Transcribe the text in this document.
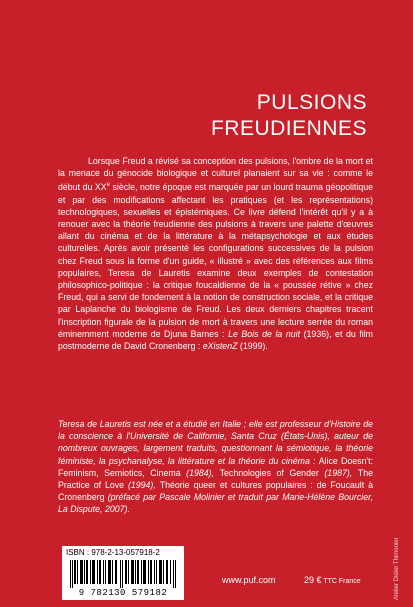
PULSIONS
FREUDIENNES

Lorsque Freud a révisé sa conception des pulsions, l'ombre de la mort et la menace du génocide biologique et culturel planaient sur sa vie : comme le début du XXe siècle, notre époque est marquée par un lourd trauma géopolitique et par des modifications affectant les pratiques (et les représentations) technologiques, sexuelles et épistémiques. Ce livre défend l'intérêt qu'il y a à renouer avec la théorie freudienne des pulsions à travers une palette d'œuvres allant du cinéma et de la littérature à la métapsychologie et aux études culturelles. Après avoir présenté les configurations successives de la pulsion chez Freud sous la forme d'un guide, « illustré » avec des références aux films populaires, Teresa de Lauretis examine deux exemples de contestation philosophico-politique : la critique foucaldienne de la « poussée rétive » chez Freud, qui a servi de fondement à la notion de construction sociale, et la critique par Laplanche du biologisme de Freud. Les deux derniers chapitres tracent l'inscription figurale de la pulsion de mort à travers une lecture serrée du roman éminemment moderne de Djuna Barnes : Le Bois de la nuit (1936), et du film postmoderne de David Cronenberg : eXistenZ (1999).

Teresa de Lauretis est née et a étudié en Italie ; elle est professeur d'Histoire de la conscience à l'Université de Californie, Santa Cruz (États-Unis), auteur de nombreux ouvrages, largement traduits, questionnant la sémiotique, la théorie féministe, la psychanalyse, la littérature et la théorie du cinéma : Alice Doesn't: Feminism, Semiotics, Cinema (1984), Technologies of Gender (1987), The Practice of Love (1994), Théorie queer et cultures populaires : de Foucault à Cronenberg (préfacé par Pascale Molinier et traduit par Marie-Hélène Bourcier, La Dispute, 2007).

ISBN : 978-2-13-057918-2
9 782130 579182
www.puf.com	29 € TTC France	Atelier Didier Thimonier
